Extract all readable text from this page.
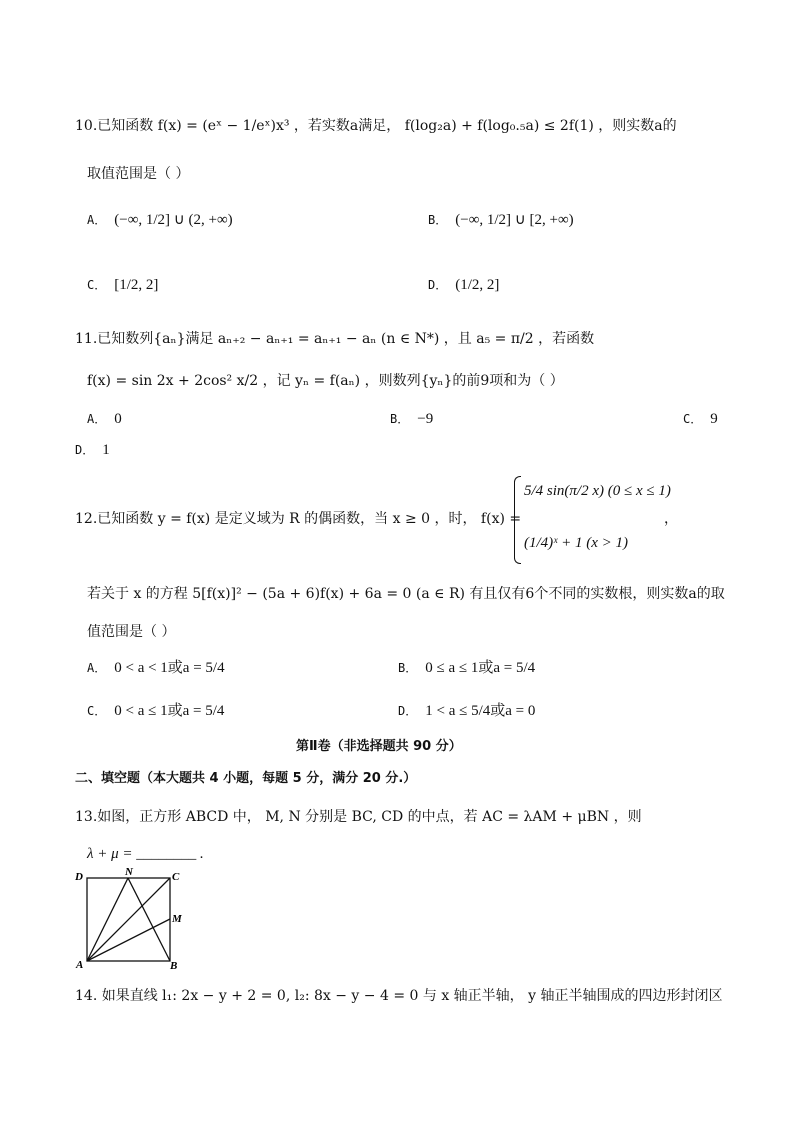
10.已知函数 f(x) = (eˣ − 1/eˣ)x³ ，若实数a满足， f(log₂a) + f(log₀.₅a) ≤ 2f(1) ，则实数a的
取值范围是（ ）
A． (−∞, 1/2] ∪ (2, +∞)	B． (−∞, 1/2] ∪ [2, +∞)
C． [1/2, 2]	D． (1/2, 2]
11.已知数列{aₙ}满足 aₙ₊₂ − aₙ₊₁ = aₙ₊₁ − aₙ (n ∈ N*) ，且 a₅ = π/2 ，若函数
f(x) = sin 2x + 2cos² x/2 ，记 yₙ = f(aₙ) ，则数列{yₙ}的前9项和为（ ）
A． 0	B． −9	C． 9
D． 1
12.已知函数 y = f(x) 是定义域为 R 的偶函数，当 x ≥ 0 ，时， f(x) =
5/4 sin(π/2 x) (0 ≤ x ≤ 1)
(1/4)ˣ + 1 (x > 1)
，
若关于 x 的方程 5[f(x)]² − (5a + 6)f(x) + 6a = 0 (a ∈ R) 有且仅有6个不同的实数根，则实数a的取
值范围是（ ）
A． 0 < a < 1或a = 5/4	B． 0 ≤ a ≤ 1或a = 5/4
C． 0 < a ≤ 1或a = 5/4	D． 1 < a ≤ 5/4或a = 0
第Ⅱ卷（非选择题共 90 分）
二、填空题（本大题共 4 小题，每题 5 分，满分 20 分.）
13.如图，正方形 ABCD 中， M, N 分别是 BC, CD 的中点，若 AC = λAM + μBN ，则
λ + μ = ________ .
D	N	C
M
A	B
14. 如果直线 l₁: 2x − y + 2 = 0, l₂: 8x − y − 4 = 0 与 x 轴正半轴， y 轴正半轴围成的四边形封闭区
